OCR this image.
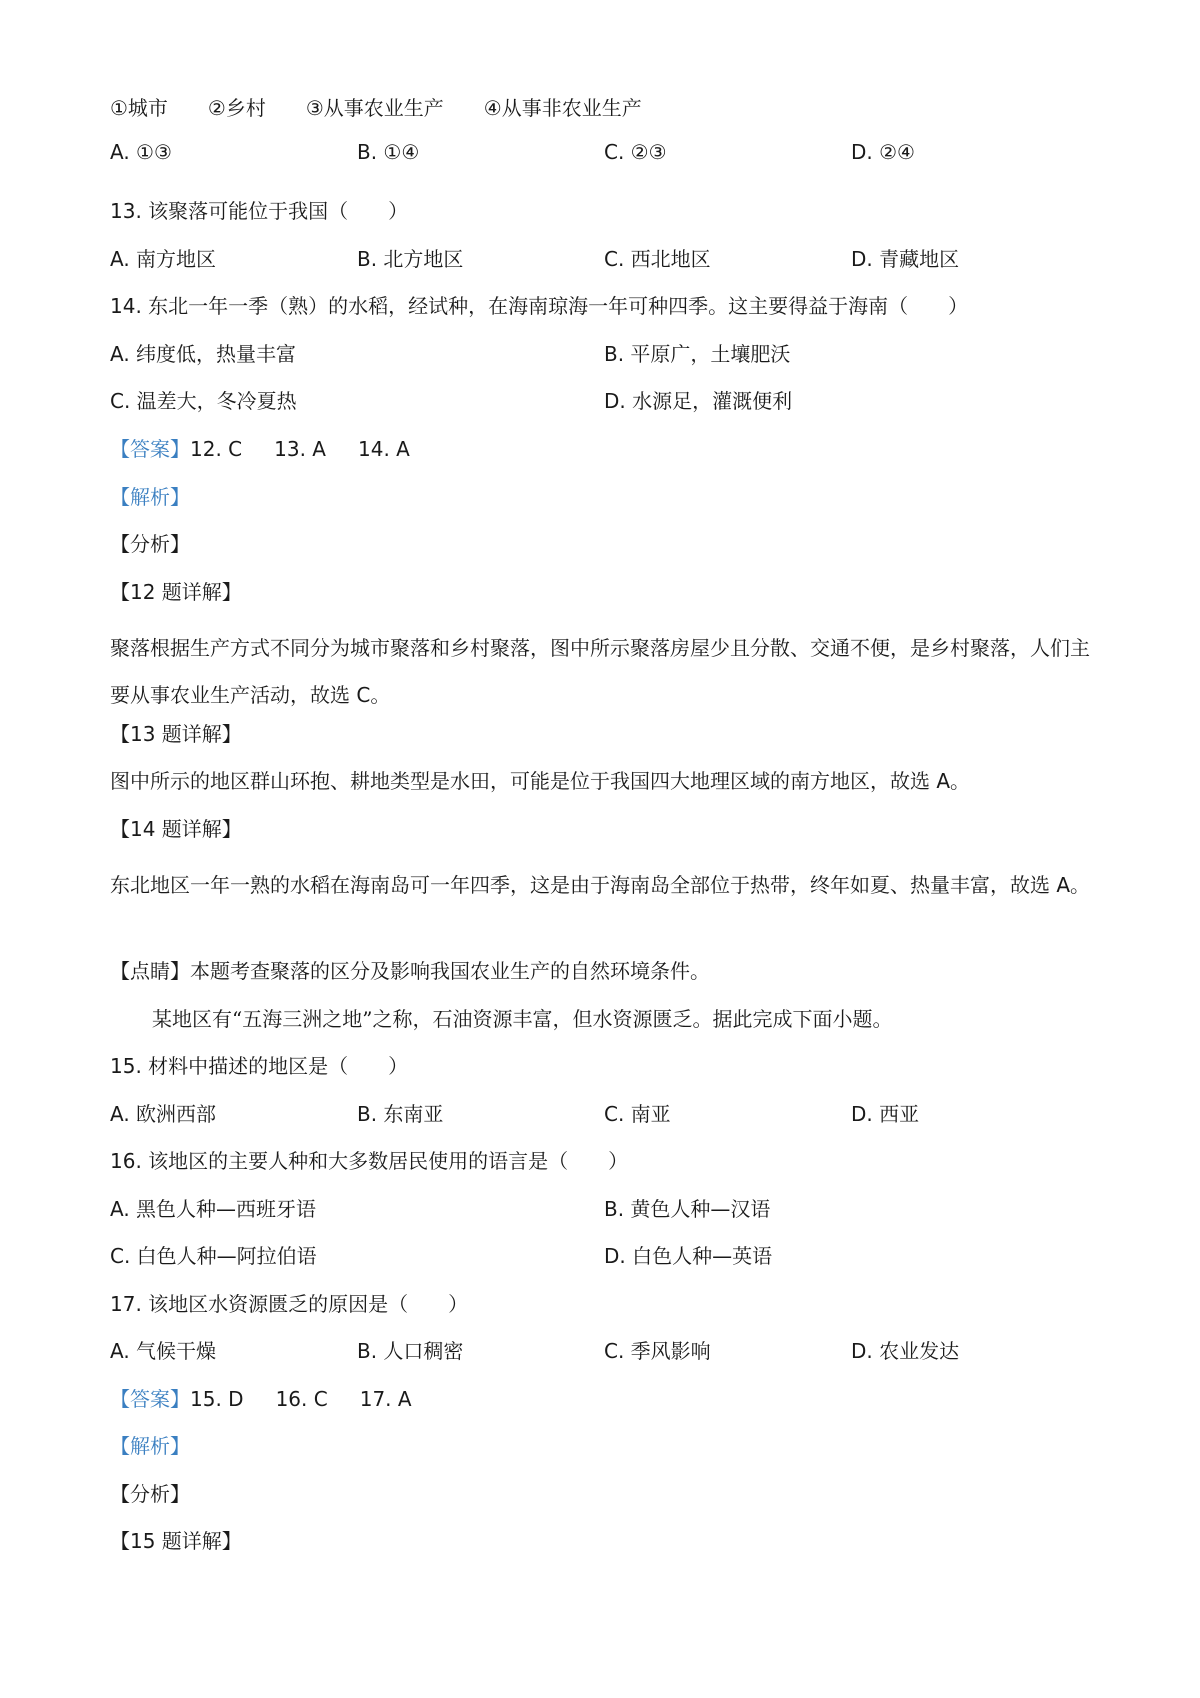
①城市　　②乡村　　③从事农业生产　　④从事非农业生产
A. ①③	B. ①④	C. ②③	D. ②④
13. 该聚落可能位于我国（　　）
A. 南方地区	B. 北方地区	C. 西北地区	D. 青藏地区
14. 东北一年一季（熟）的水稻，经试种，在海南琼海一年可种四季。这主要得益于海南（　　）
A. 纬度低，热量丰富	B. 平原广，土壤肥沃
C. 温差大，冬冷夏热	D. 水源足，灌溉便利
【答案】12. C 13. A 14. A
【解析】
【分析】
【12 题详解】
聚落根据生产方式不同分为城市聚落和乡村聚落，图中所示聚落房屋少且分散、交通不便，是乡村聚落，人们主要从事农业生产活动，故选 C。
【13 题详解】
图中所示的地区群山环抱、耕地类型是水田，可能是位于我国四大地理区域的南方地区，故选 A。
【14 题详解】
东北地区一年一熟的水稻在海南岛可一年四季，这是由于海南岛全部位于热带，终年如夏、热量丰富，故选 A。
【点睛】本题考查聚落的区分及影响我国农业生产的自然环境条件。
某地区有“五海三洲之地”之称，石油资源丰富，但水资源匮乏。据此完成下面小题。
15. 材料中描述的地区是（　　）
A. 欧洲西部	B. 东南亚	C. 南亚	D. 西亚
16. 该地区的主要人种和大多数居民使用的语言是（　　）
A. 黑色人种—西班牙语	B. 黄色人种—汉语
C. 白色人种—阿拉伯语	D. 白色人种—英语
17. 该地区水资源匮乏的原因是（　　）
A. 气候干燥	B. 人口稠密	C. 季风影响	D. 农业发达
【答案】15. D 16. C 17. A
【解析】
【分析】
【15 题详解】
